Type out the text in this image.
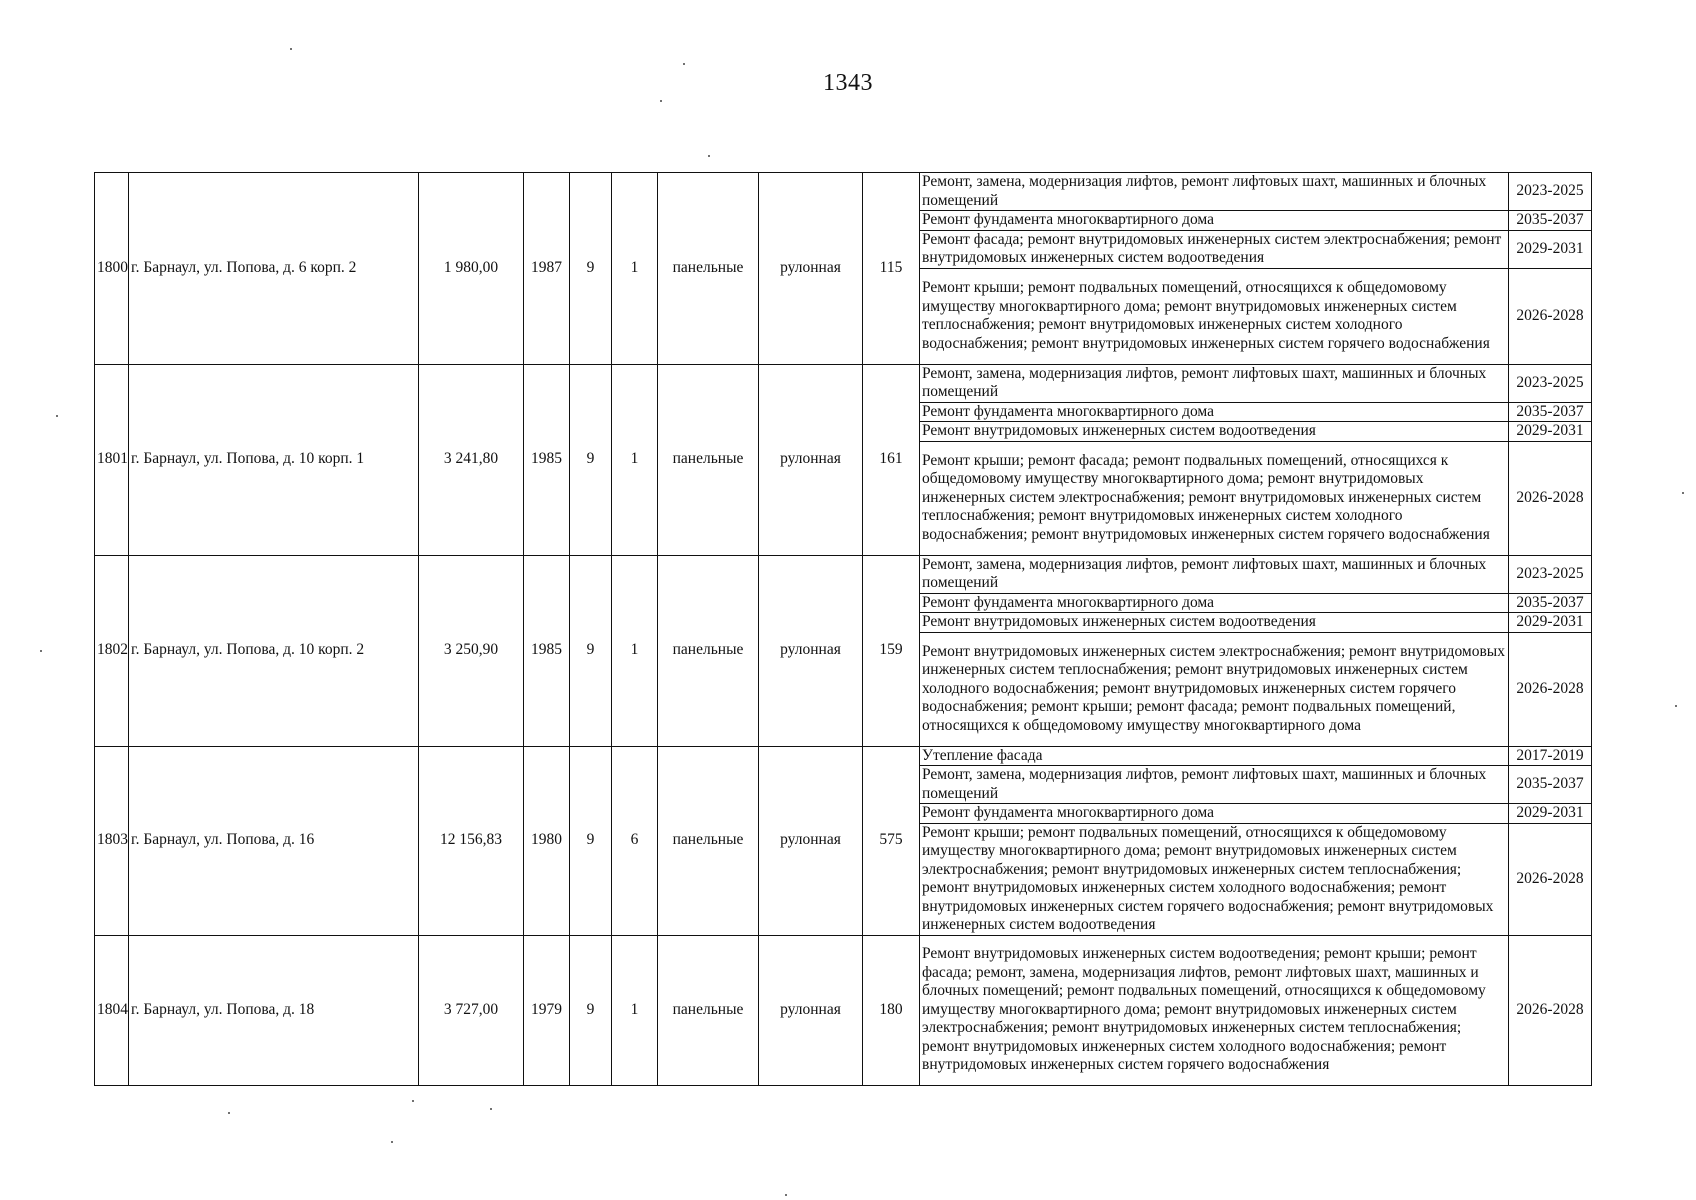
1343
1800	г. Барнаул, ул. Попова, д. 6 корп. 2	1 980,00	1987	9	1	панельные	рулонная	115	Ремонт, замена, модернизация лифтов, ремонт лифтовых шахт, машинных и блочных помещений	2023-2025
									Ремонт фундамента многоквартирного дома	2035-2037
									Ремонт фасада; ремонт внутридомовых инженерных систем электроснабжения; ремонт внутридомовых инженерных систем водоотведения	2029-2031
									Ремонт крыши; ремонт подвальных помещений, относящихся к общедомовому имуществу многоквартирного дома; ремонт внутридомовых инженерных систем теплоснабжения; ремонт внутридомовых инженерных систем холодного водоснабжения; ремонт внутридомовых инженерных систем горячего водоснабжения	2026-2028
1801	г. Барнаул, ул. Попова, д. 10 корп. 1	3 241,80	1985	9	1	панельные	рулонная	161	Ремонт, замена, модернизация лифтов, ремонт лифтовых шахт, машинных и блочных помещений	2023-2025
									Ремонт фундамента многоквартирного дома	2035-2037
									Ремонт внутридомовых инженерных систем водоотведения	2029-2031
									Ремонт крыши; ремонт фасада; ремонт подвальных помещений, относящихся к общедомовому имуществу многоквартирного дома; ремонт внутридомовых инженерных систем электроснабжения; ремонт внутридомовых инженерных систем теплоснабжения; ремонт внутридомовых инженерных систем холодного водоснабжения; ремонт внутридомовых инженерных систем горячего водоснабжения	2026-2028
1802	г. Барнаул, ул. Попова, д. 10 корп. 2	3 250,90	1985	9	1	панельные	рулонная	159	Ремонт, замена, модернизация лифтов, ремонт лифтовых шахт, машинных и блочных помещений	2023-2025
									Ремонт фундамента многоквартирного дома	2035-2037
									Ремонт внутридомовых инженерных систем водоотведения	2029-2031
									Ремонт внутридомовых инженерных систем электроснабжения; ремонт внутридомовых инженерных систем теплоснабжения; ремонт внутридомовых инженерных систем холодного водоснабжения; ремонт внутридомовых инженерных систем горячего водоснабжения; ремонт крыши; ремонт фасада; ремонт подвальных помещений, относящихся к общедомовому имуществу многоквартирного дома	2026-2028
1803	г. Барнаул, ул. Попова, д. 16	12 156,83	1980	9	6	панельные	рулонная	575	Утепление фасада	2017-2019
									Ремонт, замена, модернизация лифтов, ремонт лифтовых шахт, машинных и блочных помещений	2035-2037
									Ремонт фундамента многоквартирного дома	2029-2031
									Ремонт крыши; ремонт подвальных помещений, относящихся к общедомовому имуществу многоквартирного дома; ремонт внутридомовых инженерных систем электроснабжения; ремонт внутридомовых инженерных систем теплоснабжения; ремонт внутридомовых инженерных систем холодного водоснабжения; ремонт внутридомовых инженерных систем горячего водоснабжения; ремонт внутридомовых инженерных систем водоотведения	2026-2028
1804	г. Барнаул, ул. Попова, д. 18	3 727,00	1979	9	1	панельные	рулонная	180	Ремонт внутридомовых инженерных систем водоотведения; ремонт крыши; ремонт фасада; ремонт, замена, модернизация лифтов, ремонт лифтовых шахт, машинных и блочных помещений; ремонт подвальных помещений, относящихся к общедомовому имуществу многоквартирного дома; ремонт внутридомовых инженерных систем электроснабжения; ремонт внутридомовых инженерных систем теплоснабжения; ремонт внутридомовых инженерных систем холодного водоснабжения; ремонт внутридомовых инженерных систем горячего водоснабжения	2026-2028
